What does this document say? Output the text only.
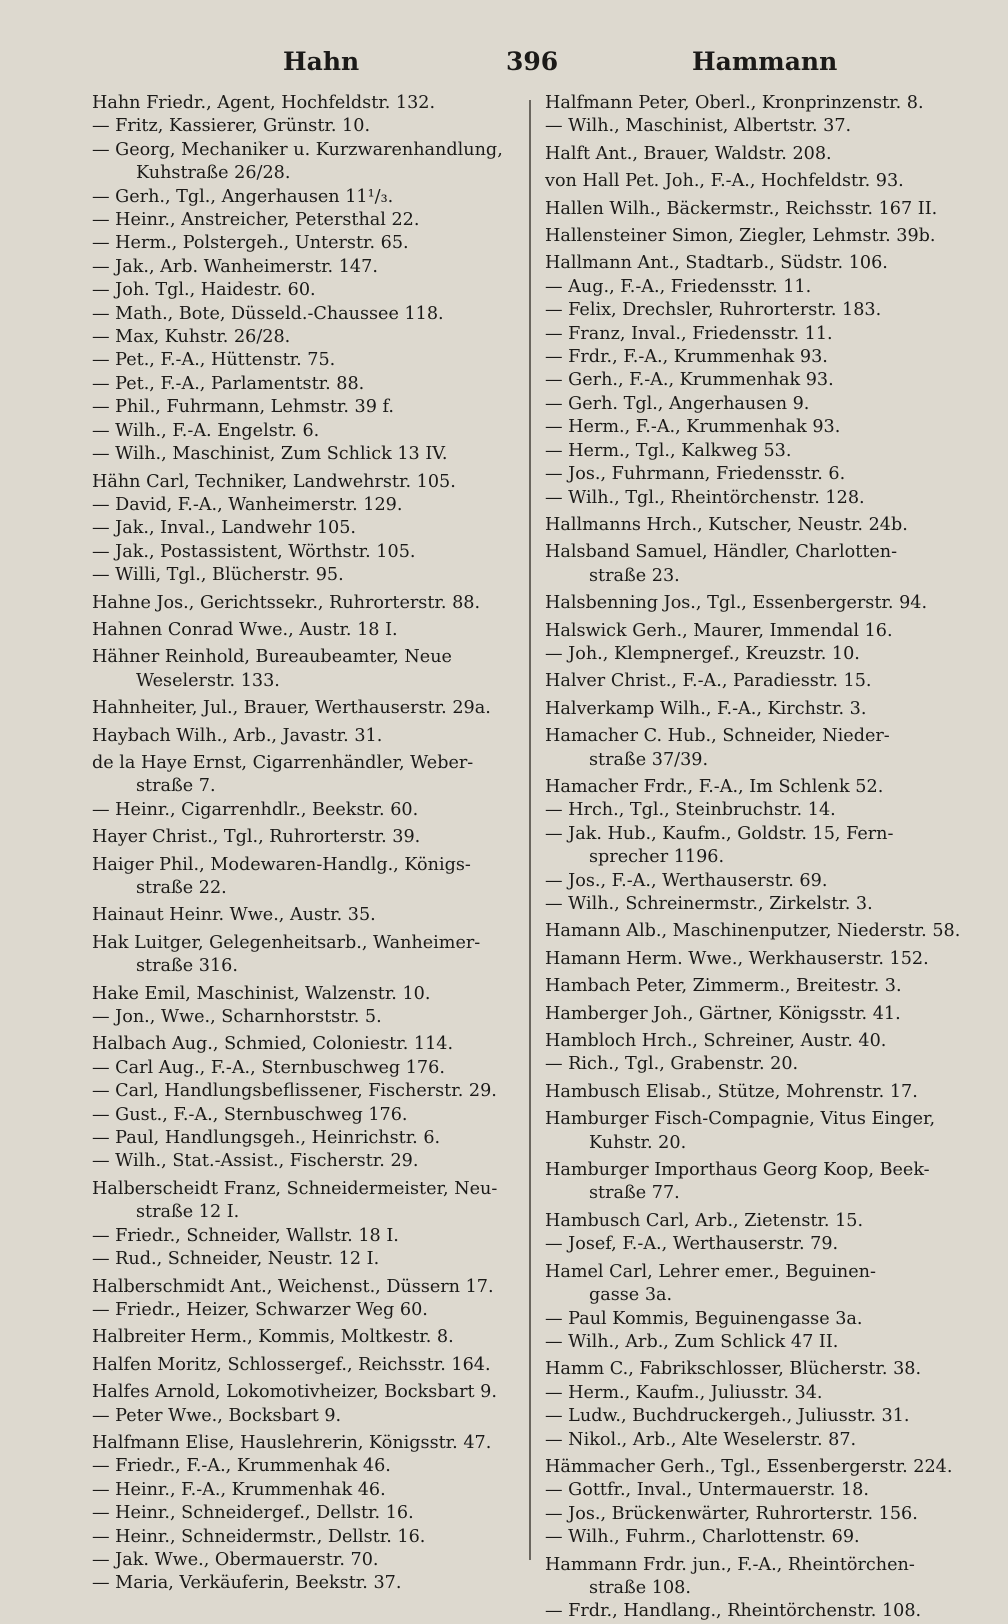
Hahn	396	Hammann
Hahn Friedr., Agent, Hochfeldstr. 132.
— Fritz, Kassierer, Grünstr. 10.
— Georg, Mechaniker u. Kurzwarenhandlung,
Kuhstraße 26/28.
— Gerh., Tgl., Angerhausen 11¹/₃.
— Heinr., Anstreicher, Petersthal 22.
— Herm., Polstergeh., Unterstr. 65.
— Jak., Arb. Wanheimerstr. 147.
— Joh. Tgl., Haidestr. 60.
— Math., Bote, Düsseld.-Chaussee 118.
— Max, Kuhstr. 26/28.
— Pet., F.-A., Hüttenstr. 75.
— Pet., F.-A., Parlamentstr. 88.
— Phil., Fuhrmann, Lehmstr. 39 f.
— Wilh., F.-A. Engelstr. 6.
— Wilh., Maschinist, Zum Schlick 13 IV.
Hähn Carl, Techniker, Landwehrstr. 105.
— David, F.-A., Wanheimerstr. 129.
— Jak., Inval., Landwehr 105.
— Jak., Postassistent, Wörthstr. 105.
— Willi, Tgl., Blücherstr. 95.
Hahne Jos., Gerichtssekr., Ruhrorterstr. 88.
Hahnen Conrad Wwe., Austr. 18 I.
Hähner Reinhold, Bureaubeamter, Neue
Weselerstr. 133.
Hahnheiter, Jul., Brauer, Werthauserstr. 29a.
Haybach Wilh., Arb., Javastr. 31.
de la Haye Ernst, Cigarrenhändler, Weber-
straße 7.
— Heinr., Cigarrenhdlr., Beekstr. 60.
Hayer Christ., Tgl., Ruhrorterstr. 39.
Haiger Phil., Modewaren-Handlg., Königs-
straße 22.
Hainaut Heinr. Wwe., Austr. 35.
Hak Luitger, Gelegenheitsarb., Wanheimer-
straße 316.
Hake Emil, Maschinist, Walzenstr. 10.
— Jon., Wwe., Scharnhorststr. 5.
Halbach Aug., Schmied, Coloniestr. 114.
— Carl Aug., F.-A., Sternbuschweg 176.
— Carl, Handlungsbeflissener, Fischerstr. 29.
— Gust., F.-A., Sternbuschweg 176.
— Paul, Handlungsgeh., Heinrichstr. 6.
— Wilh., Stat.-Assist., Fischerstr. 29.
Halberscheidt Franz, Schneidermeister, Neu-
straße 12 I.
— Friedr., Schneider, Wallstr. 18 I.
— Rud., Schneider, Neustr. 12 I.
Halberschmidt Ant., Weichenst., Düssern 17.
— Friedr., Heizer, Schwarzer Weg 60.
Halbreiter Herm., Kommis, Moltkestr. 8.
Halfen Moritz, Schlossergef., Reichsstr. 164.
Halfes Arnold, Lokomotivheizer, Bocksbart 9.
— Peter Wwe., Bocksbart 9.
Halfmann Elise, Hauslehrerin, Königsstr. 47.
— Friedr., F.-A., Krummenhak 46.
— Heinr., F.-A., Krummenhak 46.
— Heinr., Schneidergef., Dellstr. 16.
— Heinr., Schneidermstr., Dellstr. 16.
— Jak. Wwe., Obermauerstr. 70.
— Maria, Verkäuferin, Beekstr. 37.
Halfmann Peter, Oberl., Kronprinzenstr. 8.
— Wilh., Maschinist, Albertstr. 37.
Halft Ant., Brauer, Waldstr. 208.
von Hall Pet. Joh., F.-A., Hochfeldstr. 93.
Hallen Wilh., Bäckermstr., Reichsstr. 167 II.
Hallensteiner Simon, Ziegler, Lehmstr. 39b.
Hallmann Ant., Stadtarb., Südstr. 106.
— Aug., F.-A., Friedensstr. 11.
— Felix, Drechsler, Ruhrorterstr. 183.
— Franz, Inval., Friedensstr. 11.
— Frdr., F.-A., Krummenhak 93.
— Gerh., F.-A., Krummenhak 93.
— Gerh. Tgl., Angerhausen 9.
— Herm., F.-A., Krummenhak 93.
— Herm., Tgl., Kalkweg 53.
— Jos., Fuhrmann, Friedensstr. 6.
— Wilh., Tgl., Rheintörchenstr. 128.
Hallmanns Hrch., Kutscher, Neustr. 24b.
Halsband Samuel, Händler, Charlotten-
straße 23.
Halsbenning Jos., Tgl., Essenbergerstr. 94.
Halswick Gerh., Maurer, Immendal 16.
— Joh., Klempnergef., Kreuzstr. 10.
Halver Christ., F.-A., Paradiesstr. 15.
Halverkamp Wilh., F.-A., Kirchstr. 3.
Hamacher C. Hub., Schneider, Nieder-
straße 37/39.
Hamacher Frdr., F.-A., Im Schlenk 52.
— Hrch., Tgl., Steinbruchstr. 14.
— Jak. Hub., Kaufm., Goldstr. 15, Fern-
sprecher 1196.
— Jos., F.-A., Werthauserstr. 69.
— Wilh., Schreinermstr., Zirkelstr. 3.
Hamann Alb., Maschinenputzer, Niederstr. 58.
Hamann Herm. Wwe., Werkhauserstr. 152.
Hambach Peter, Zimmerm., Breitestr. 3.
Hamberger Joh., Gärtner, Königsstr. 41.
Hambloch Hrch., Schreiner, Austr. 40.
— Rich., Tgl., Grabenstr. 20.
Hambusch Elisab., Stütze, Mohrenstr. 17.
Hamburger Fisch-Compagnie, Vitus Einger,
Kuhstr. 20.
Hamburger Importhaus Georg Koop, Beek-
straße 77.
Hambusch Carl, Arb., Zietenstr. 15.
— Josef, F.-A., Werthauserstr. 79.
Hamel Carl, Lehrer emer., Beguinen-
gasse 3a.
— Paul Kommis, Beguinengasse 3a.
— Wilh., Arb., Zum Schlick 47 II.
Hamm C., Fabrikschlosser, Blücherstr. 38.
— Herm., Kaufm., Juliusstr. 34.
— Ludw., Buchdruckergeh., Juliusstr. 31.
— Nikol., Arb., Alte Weselerstr. 87.
Hämmacher Gerh., Tgl., Essenbergerstr. 224.
— Gottfr., Inval., Untermauerstr. 18.
— Jos., Brückenwärter, Ruhrorterstr. 156.
— Wilh., Fuhrm., Charlottenstr. 69.
Hammann Frdr. jun., F.-A., Rheintörchen-
straße 108.
— Frdr., Handlang., Rheintörchenstr. 108.
